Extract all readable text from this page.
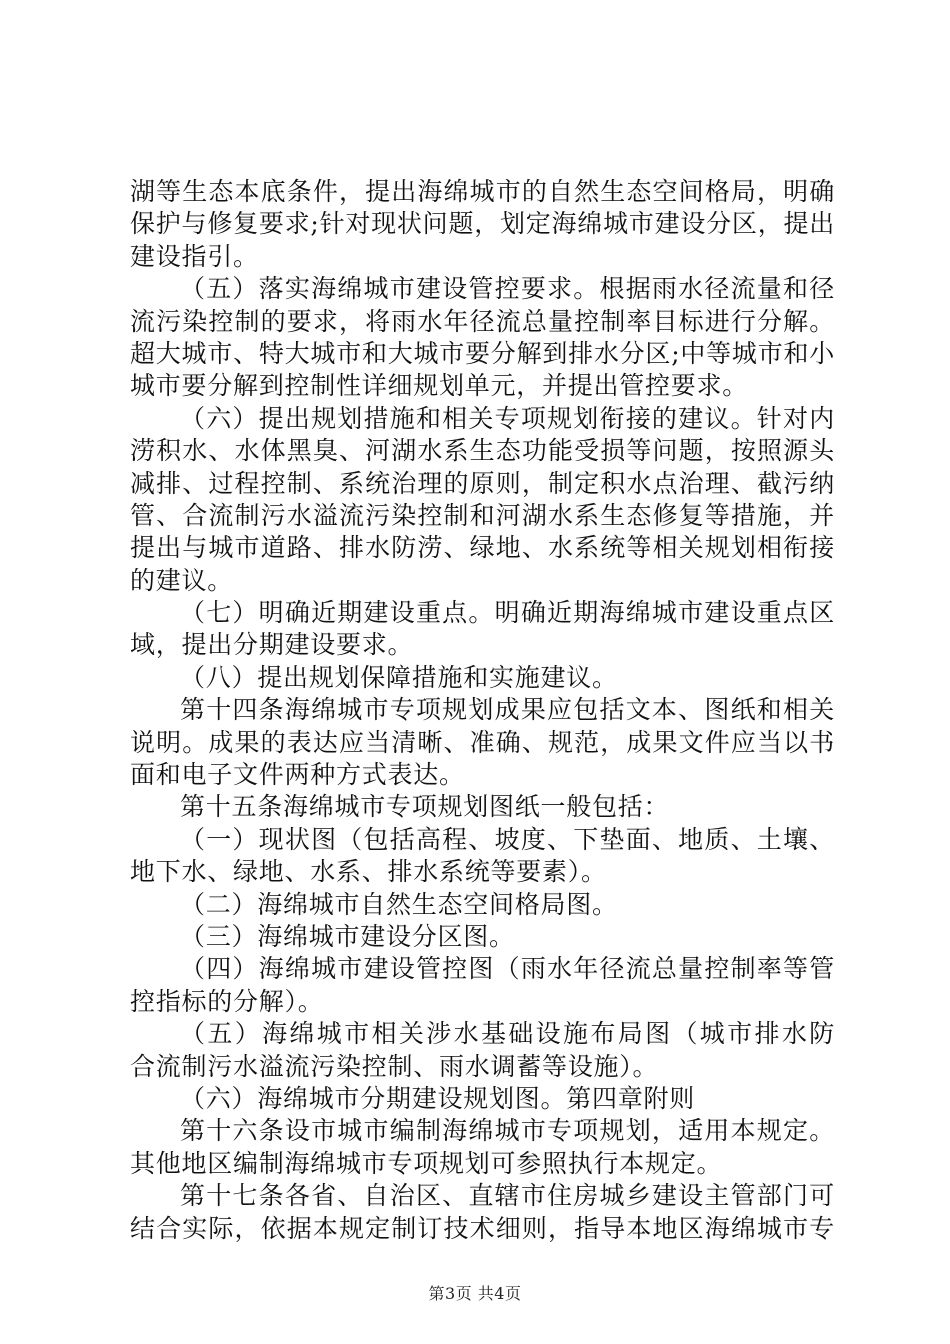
湖等生态本底条件，提出海绵城市的自然生态空间格局，明确
保护与修复要求;针对现状问题，划定海绵城市建设分区，提出
建设指引。
（五）落实海绵城市建设管控要求。根据雨水径流量和径
流污染控制的要求，将雨水年径流总量控制率目标进行分解。
超大城市、特大城市和大城市要分解到排水分区;中等城市和小
城市要分解到控制性详细规划单元，并提出管控要求。
（六）提出规划措施和相关专项规划衔接的建议。针对内
涝积水、水体黑臭、河湖水系生态功能受损等问题，按照源头
减排、过程控制、系统治理的原则，制定积水点治理、截污纳
管、合流制污水溢流污染控制和河湖水系生态修复等措施，并
提出与城市道路、排水防涝、绿地、水系统等相关规划相衔接
的建议。
（七）明确近期建设重点。明确近期海绵城市建设重点区
域，提出分期建设要求。
（八）提出规划保障措施和实施建议。
第十四条海绵城市专项规划成果应包括文本、图纸和相关
说明。成果的表达应当清晰、准确、规范，成果文件应当以书
面和电子文件两种方式表达。
第十五条海绵城市专项规划图纸一般包括：
（一）现状图（包括高程、坡度、下垫面、地质、土壤、
地下水、绿地、水系、排水系统等要素）。
（二）海绵城市自然生态空间格局图。
（三）海绵城市建设分区图。
（四）海绵城市建设管控图（雨水年径流总量控制率等管
控指标的分解）。
（五）海绵城市相关涉水基础设施布局图（城市排水防
合流制污水溢流污染控制、雨水调蓄等设施）。
（六）海绵城市分期建设规划图。第四章附则
第十六条设市城市编制海绵城市专项规划，适用本规定。
其他地区编制海绵城市专项规划可参照执行本规定。
第十七条各省、自治区、直辖市住房城乡建设主管部门可
结合实际，依据本规定制订技术细则，指导本地区海绵城市专
第3页 共4页
